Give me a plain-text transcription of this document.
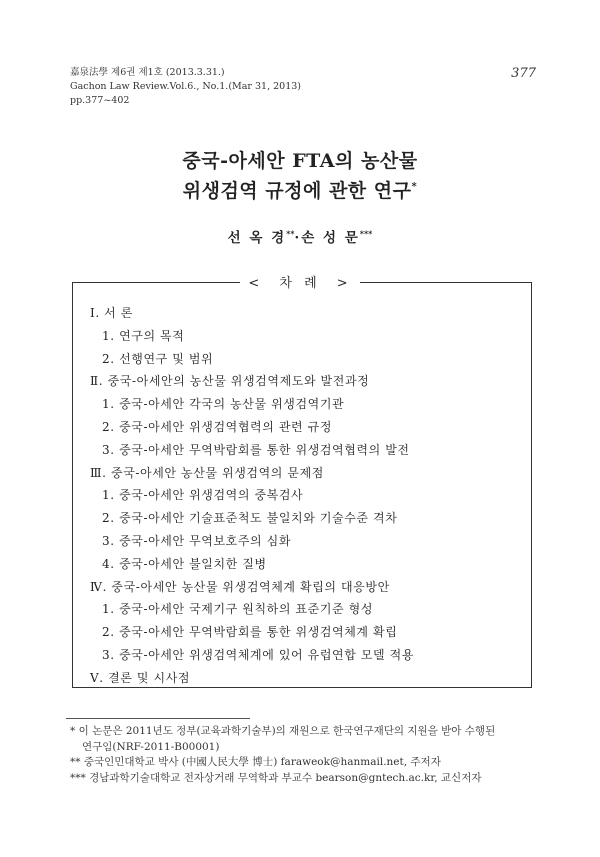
嘉泉法學 제6권 제1호 (2013.3.31.)
Gachon Law Review.Vol.6., No.1.(Mar 31, 2013)
pp.377~402
377
중국-아세안 FTA의 농산물
위생검역 규정에 관한 연구*
선 옥 경**·손 성 문***
< 차 례 >
Ⅰ. 서 론
1. 연구의 목적
2. 선행연구 및 범위
Ⅱ. 중국-아세안의 농산물 위생검역제도와 발전과정
1. 중국-아세안 각국의 농산물 위생검역기관
2. 중국-아세안 위생검역협력의 관련 규정
3. 중국-아세안 무역박람회를 통한 위생검역협력의 발전
Ⅲ. 중국-아세안 농산물 위생검역의 문제점
1. 중국-아세안 위생검역의 중복검사
2. 중국-아세안 기술표준척도 불일치와 기술수준 격차
3. 중국-아세안 무역보호주의 심화
4. 중국-아세안 불일치한 질병
Ⅳ. 중국-아세안 농산물 위생검역체계 확립의 대응방안
1. 중국-아세안 국제기구 원칙하의 표준기준 형성
2. 중국-아세안 무역박람회를 통한 위생검역체계 확립
3. 중국-아세안 위생검역체계에 있어 유럽연합 모델 적용
Ⅴ. 결론 및 시사점
* 이 논문은 2011년도 정부(교육과학기술부)의 재원으로 한국연구재단의 지원을 받아 수행된
연구임(NRF-2011-B00001)
** 중국인민대학교 박사 (中國人民大學 博士) faraweok@hanmail.net, 주저자
*** 경남과학기술대학교 전자상거래 무역학과 부교수 bearson@gntech.ac.kr, 교신저자
